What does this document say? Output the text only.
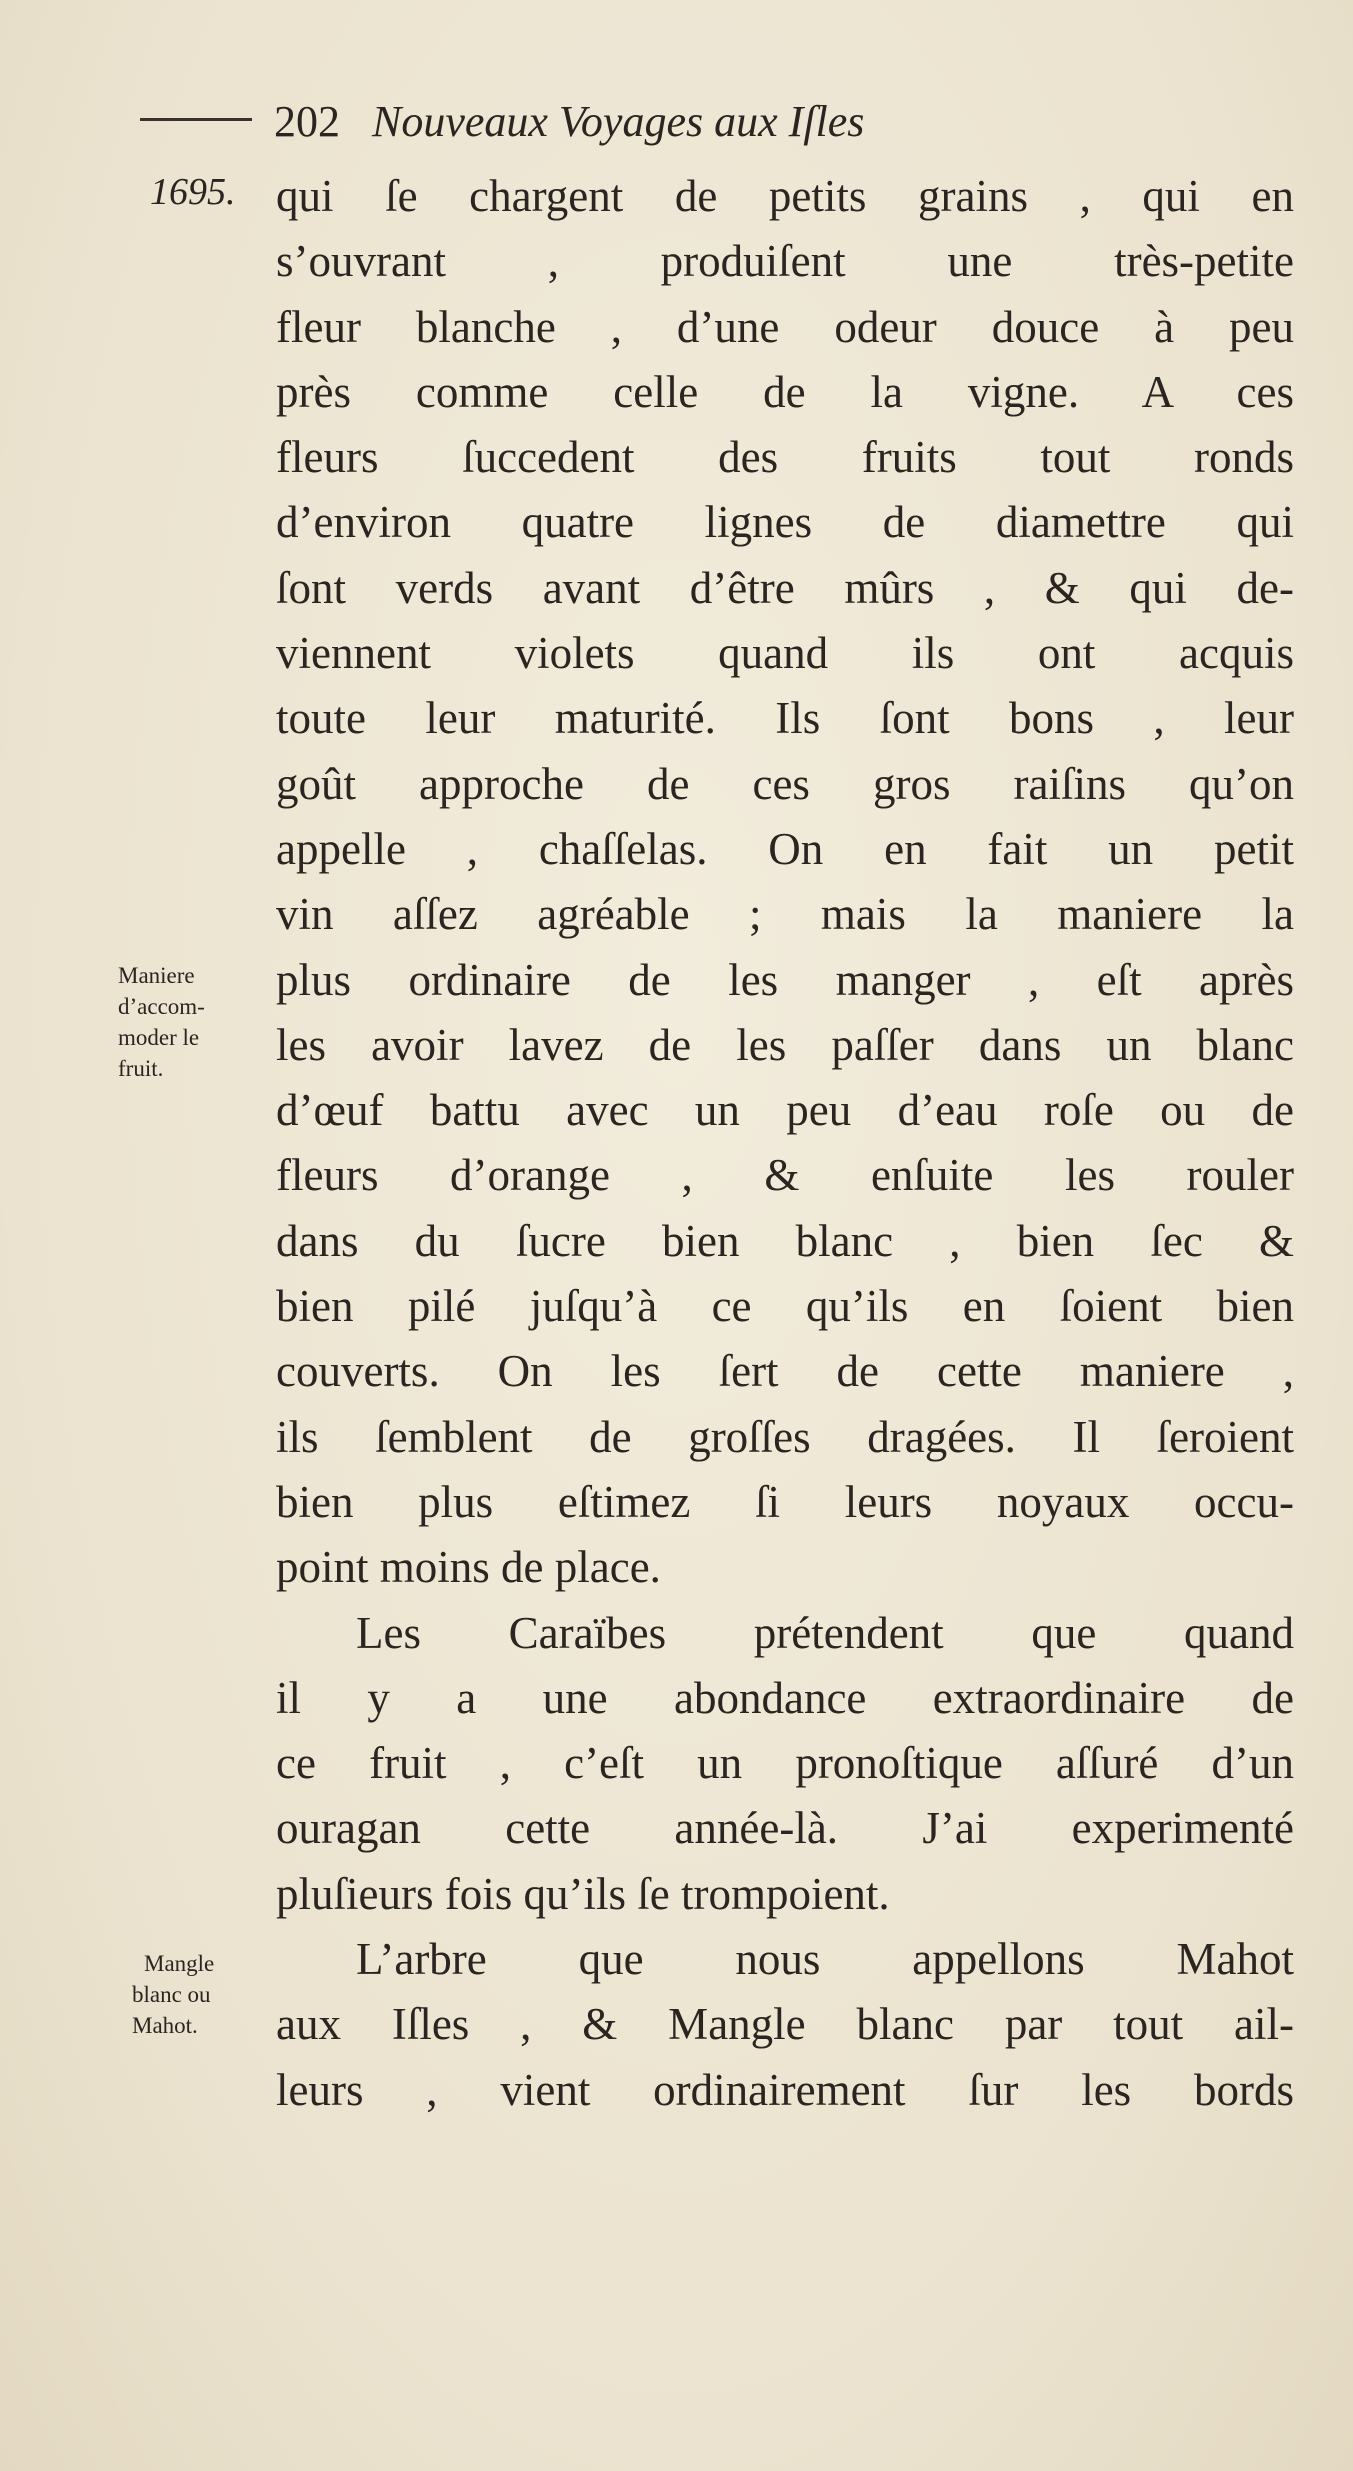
202 Nouveaux Voyages aux Iſles
1695. qui ſe chargent de petits grains , qui en
s’ouvrant , produiſent une très-petite
fleur blanche , d’une odeur douce à peu
près comme celle de la vigne. A ces
fleurs ſuccedent des fruits tout ronds
d’environ quatre lignes de diamettre qui
ſont verds avant d’être mûrs , & qui de-
viennent violets quand ils ont acquis
toute leur maturité. Ils ſont bons , leur
goût approche de ces gros raiſins qu’on
appelle , chaſſelas. On en fait un petit
vin aſſez agréable ; mais la maniere la
plus ordinaire de les manger , eſt après
les avoir lavez de les paſſer dans un blanc
d’œuf battu avec un peu d’eau roſe ou de
fleurs d’orange , & enſuite les rouler
dans du ſucre bien blanc , bien ſec &
bien pilé juſqu’à ce qu’ils en ſoient bien
couverts. On les ſert de cette maniere ,
ils ſemblent de groſſes dragées. Il ſeroient
bien plus eſtimez ſi leurs noyaux occu-
point moins de place.
Les Caraïbes prétendent que quand
il y a une abondance extraordinaire de
ce fruit , c’eſt un pronoſtique aſſuré d’un
ouragan cette année-là. J’ai experimenté
pluſieurs fois qu’ils ſe trompoient.
L’arbre que nous appellons Mahot
aux Iſles , & Mangle blanc par tout ail-
leurs , vient ordinairement ſur les bords
Maniere
d’accom-
moder le
fruit.
Mangle
blanc ou
Mahot.
